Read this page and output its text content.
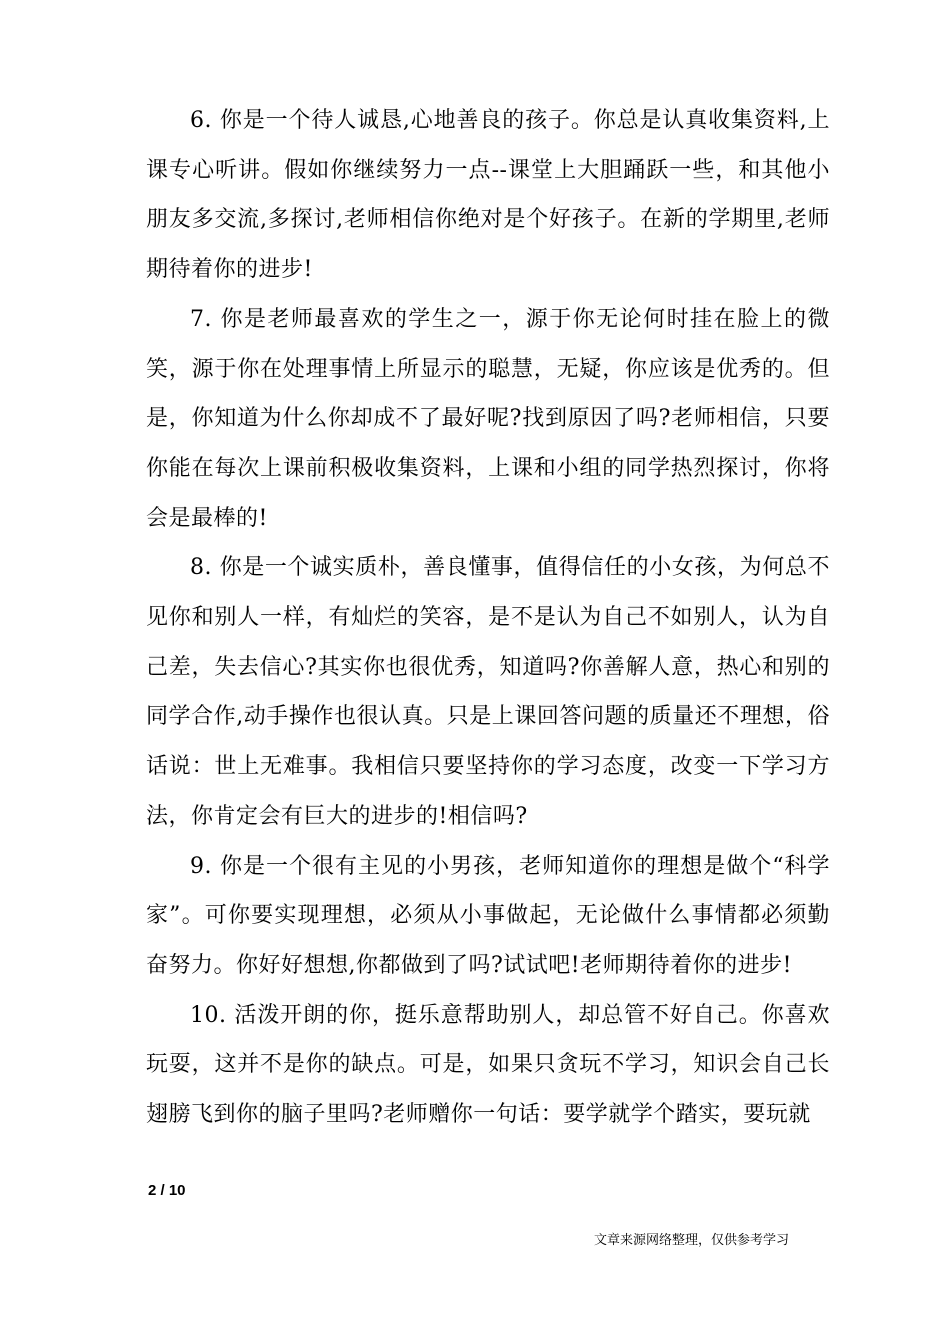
6. 你是一个待人诚恳,心地善良的孩子。你总是认真收集资料,上课专心听讲。假如你继续努力一点--课堂上大胆踊跃一些，和其他小朋友多交流,多探讨,老师相信你绝对是个好孩子。在新的学期里,老师期待着你的进步!

7. 你是老师最喜欢的学生之一，源于你无论何时挂在脸上的微笑，源于你在处理事情上所显示的聪慧，无疑，你应该是优秀的。但是，你知道为什么你却成不了最好呢?找到原因了吗?老师相信，只要你能在每次上课前积极收集资料，上课和小组的同学热烈探讨，你将会是最棒的!

8. 你是一个诚实质朴，善良懂事，值得信任的小女孩，为何总不见你和别人一样，有灿烂的笑容，是不是认为自己不如别人，认为自己差，失去信心?其实你也很优秀，知道吗?你善解人意，热心和别的同学合作,动手操作也很认真。只是上课回答问题的质量还不理想，俗话说：世上无难事。我相信只要坚持你的学习态度，改变一下学习方法，你肯定会有巨大的进步的!相信吗?

9. 你是一个很有主见的小男孩，老师知道你的理想是做个“科学家”。可你要实现理想，必须从小事做起，无论做什么事情都必须勤奋努力。你好好想想,你都做到了吗?试试吧!老师期待着你的进步!

10. 活泼开朗的你，挺乐意帮助别人，却总管不好自己。你喜欢玩耍，这并不是你的缺点。可是，如果只贪玩不学习，知识会自己长翅膀飞到你的脑子里吗?老师赠你一句话：要学就学个踏实，要玩就

2 / 10
文章来源网络整理，仅供参考学习
